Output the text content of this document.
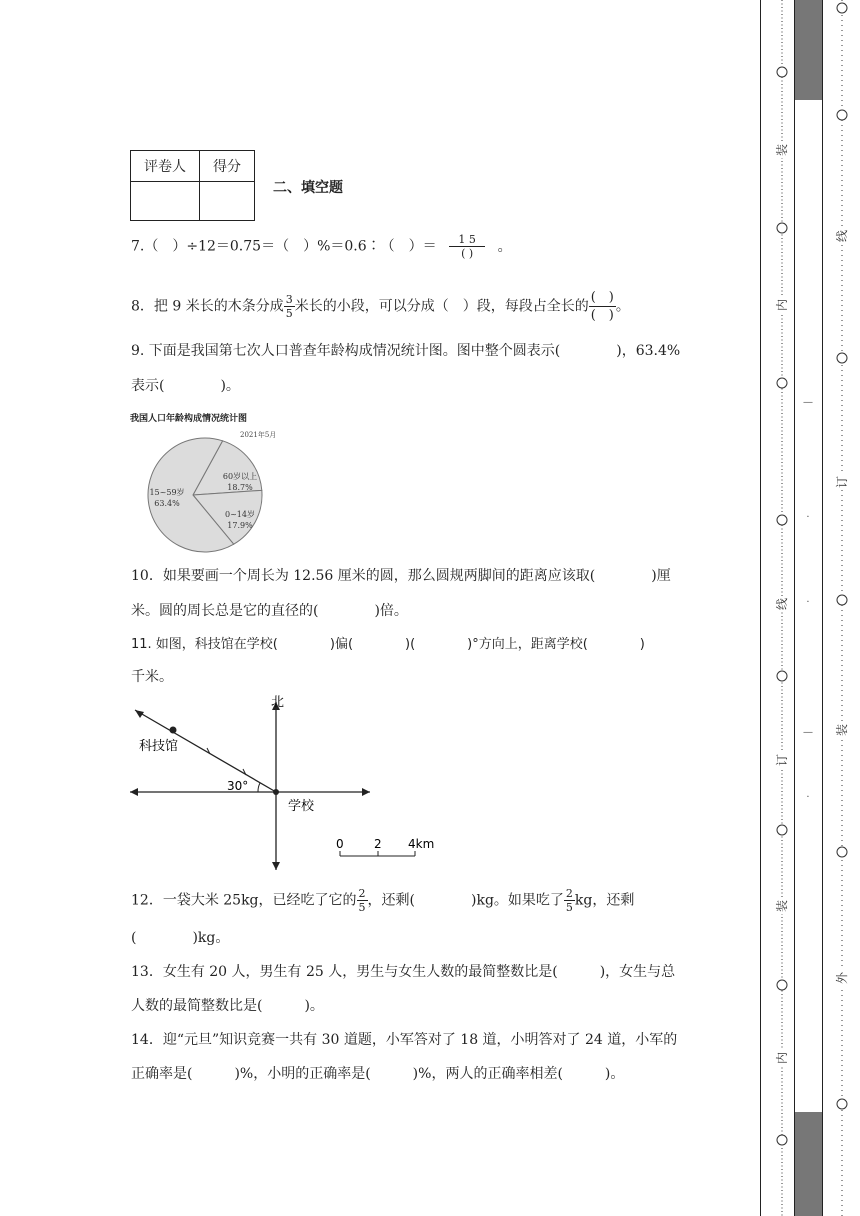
评卷人	得分

二、填空题
7.（　）÷12＝0.75＝（　）%＝0.6∶（　）＝ $\frac{1 5}{( )}$ 。
8．把 9 米长的木条分成 $\frac{3}{5}$ 米长的小段，可以分成（　）段，每段占全长的 $\frac{( )}{( )}$ 。
9. 下面是我国第七次人口普查年龄构成情况统计图。图中整个圆表示(　　　　)，63.4%
表示(　　　　)。
我国人口年龄构成情况统计图
15~59岁
63.4%
60岁以上
18.7%
0~14岁
17.9%
2021年5月
10．如果要画一个周长为 12.56 厘米的圆，那么圆规两脚间的距离应该取(　　　　)厘
米。圆的周长总是它的直径的(　　　　)倍。
11. 如图，科技馆在学校(　　　　)偏(　　　　)(　　　　)°方向上，距离学校(　　　　)
千米。
北
科技馆
学校
30°
0	2 4km
12．一袋大米 25kg，已经吃了它的 $\frac{2}{5}$ ，还剩(　　　　)kg。如果吃了 $\frac{2}{5}$ kg，还剩
(　　　　)kg。
13．女生有 20 人，男生有 25 人，男生与女生人数的最简整数比是(　　　)，女生与总
人数的最简整数比是(　　　)。
14．迎“元旦”知识竞赛一共有 30 道题，小军答对了 18 道，小明答对了 24 道，小军的
正确率是(　　　)%，小明的正确率是(　　　)%，两人的正确率相差(　　　)。
装
内
线
订
装
内
线
订
装
外
—
·
·
—
·
